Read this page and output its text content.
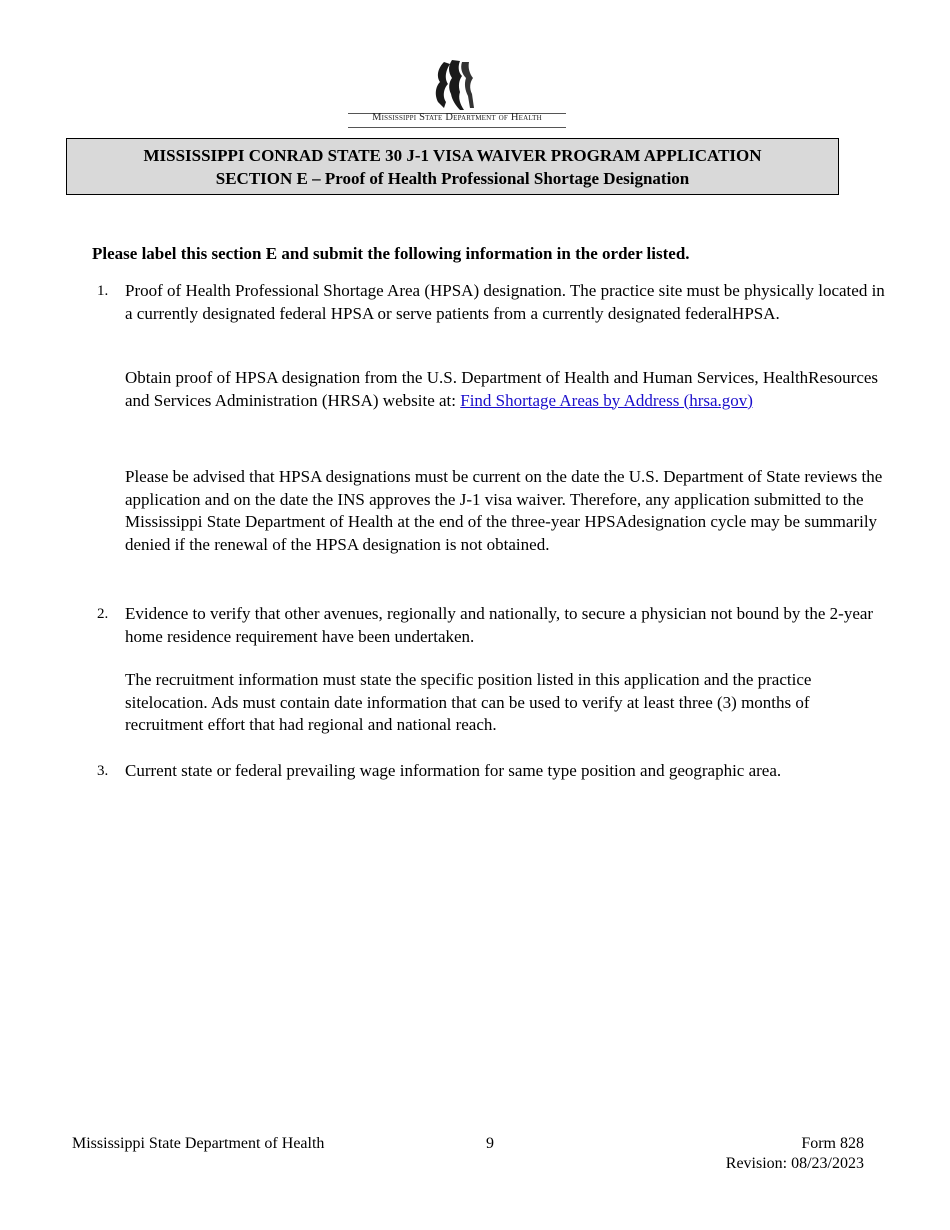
Mississippi State Department of Health
MISSISSIPPI CONRAD STATE 30 J-1 VISA WAIVER PROGRAM APPLICATION
SECTION E – Proof of Health Professional Shortage Designation
Please label this section E and submit the following information in the order listed.
1. Proof of Health Professional Shortage Area (HPSA) designation. The practice site must be physically located in a currently designated federal HPSA or serve patients from a currently designated federalHPSA.
Obtain proof of HPSA designation from the U.S. Department of Health and Human Services, HealthResources and Services Administration (HRSA) website at: Find Shortage Areas by Address (hrsa.gov)
Please be advised that HPSA designations must be current on the date the U.S. Department of State reviews the application and on the date the INS approves the J-1 visa waiver. Therefore, any application submitted to the Mississippi State Department of Health at the end of the three-year HPSAdesignation cycle may be summarily denied if the renewal of the HPSA designation is not obtained.
2. Evidence to verify that other avenues, regionally and nationally, to secure a physician not bound by the 2-year home residence requirement have been undertaken.
The recruitment information must state the specific position listed in this application and the practice sitelocation. Ads must contain date information that can be used to verify at least three (3) months of recruitment effort that had regional and national reach.
3. Current state or federal prevailing wage information for same type position and geographic area.
Mississippi State Department of Health	9	Form 828
Revision: 08/23/2023
